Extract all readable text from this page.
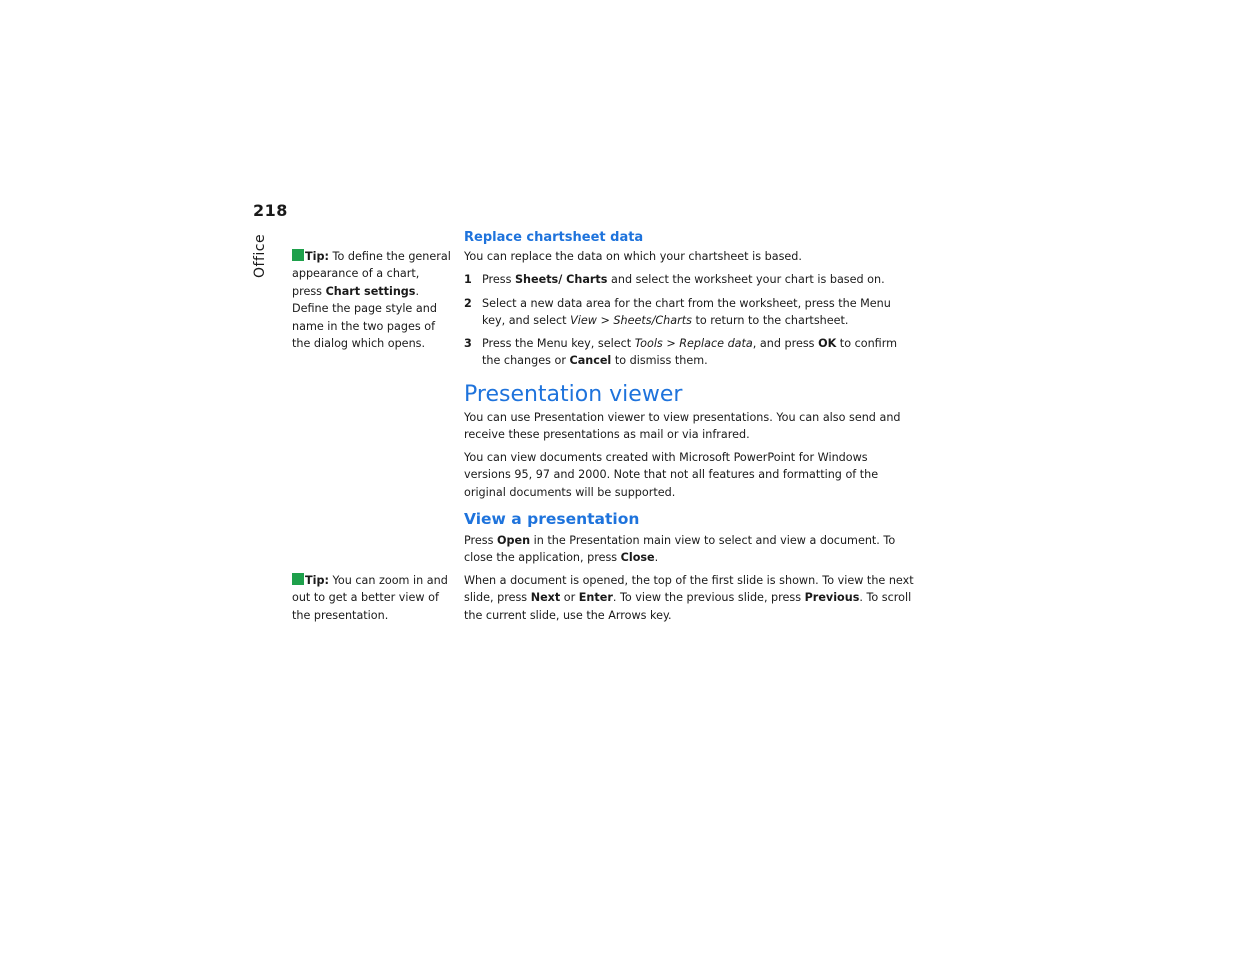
218
Office	Tip: To define the general appearance of a chart, press Chart settings. Define the page style and name in the two pages of the dialog which opens.
Tip: You can zoom in and out to get a better view of the presentation.
Replace chartsheet data
You can replace the data on which your chartsheet is based.
1 Press Sheets/ Charts and select the worksheet your chart is based on.
2 Select a new data area for the chart from the worksheet, press the Menu key, and select View > Sheets/Charts to return to the chartsheet.
3 Press the Menu key, select Tools > Replace data, and press OK to confirm the changes or Cancel to dismiss them.
Presentation viewer
You can use Presentation viewer to view presentations. You can also send and receive these presentations as mail or via infrared.
You can view documents created with Microsoft PowerPoint for Windows versions 95, 97 and 2000. Note that not all features and formatting of the original documents will be supported.
View a presentation
Press Open in the Presentation main view to select and view a document. To close the application, press Close.
When a document is opened, the top of the first slide is shown. To view the next slide, press Next or Enter. To view the previous slide, press Previous. To scroll the current slide, use the Arrows key.
